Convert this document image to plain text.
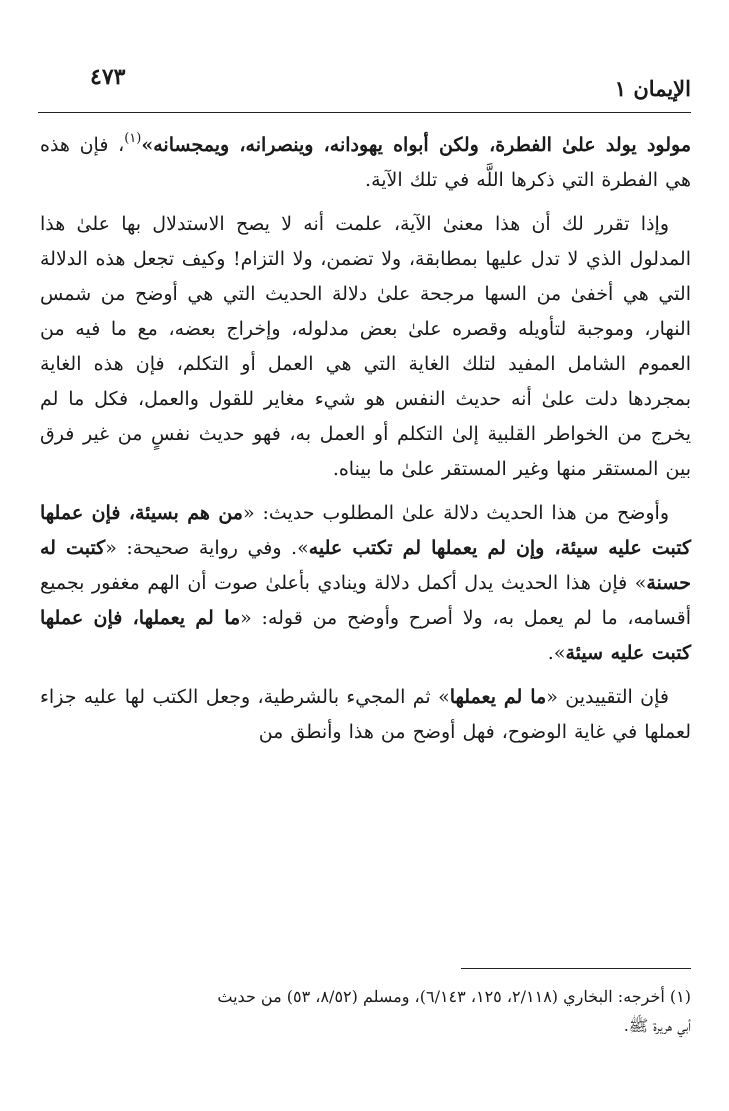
الإيمان ١
٤٧٣

مولود يولد علىٰ الفطرة، ولكن أبواه يهودانه، وينصرانه، ويمجسانه»$^{(١)}$، فإن هذه هي الفطرة التي ذكرها اللَّه في تلك الآية.

وإذا تقرر لك أن هذا معنىٰ الآية، علمت أنه لا يصح الاستدلال بها علىٰ هذا المدلول الذي لا تدل عليها بمطابقة، ولا تضمن، ولا التزام! وكيف تجعل هذه الدلالة التي هي أخفىٰ من السها مرجحة علىٰ دلالة الحديث التي هي أوضح من شمس النهار، وموجبة لتأويله وقصره علىٰ بعض مدلوله، وإخراج بعضه، مع ما فيه من العموم الشامل المفيد لتلك الغاية التي هي العمل أو التكلم، فإن هذه الغاية بمجردها دلت علىٰ أنه حديث النفس هو شيء مغاير للقول والعمل، فكل ما لم يخرج من الخواطر القلبية إلىٰ التكلم أو العمل به، فهو حديث نفسٍ من غير فرق بين المستقر منها وغير المستقر علىٰ ما بيناه.

وأوضح من هذا الحديث دلالة علىٰ المطلوب حديث: «من هم بسيئة، فإن عملها كتبت عليه سيئة، وإن لم يعملها لم تكتب عليه». وفي رواية صحيحة: «كتبت له حسنة» فإن هذا الحديث يدل أكمل دلالة وينادي بأعلىٰ صوت أن الهم مغفور بجميع أقسامه، ما لم يعمل به، ولا أصرح وأوضح من قوله: «ما لم يعملها، فإن عملها كتبت عليه سيئة».

فإن التقييدين «ما لم يعملها» ثم المجيء بالشرطية، وجعل الكتب لها عليه جزاء لعملها في غاية الوضوح، فهل أوضح من هذا وأنطق من

(١) أخرجه: البخاري (٢/١١٨، ١٢٥، ٦/١٤٣)، ومسلم (٨/٥٢، ٥٣) من حديث
أبي هريرة ﷺ.
